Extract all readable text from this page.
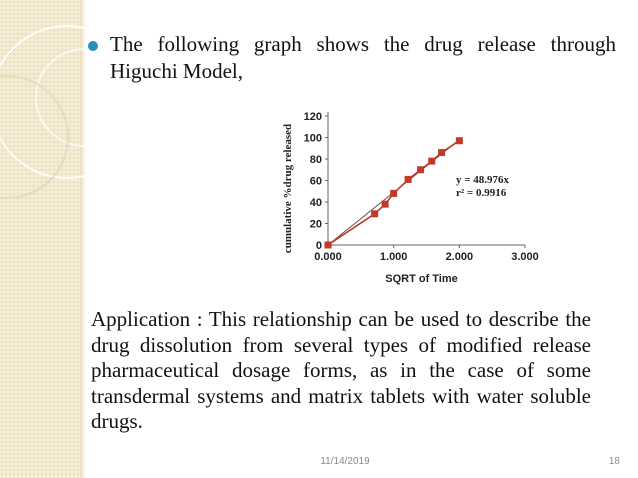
The following graph shows the drug release through Higuchi Model,
cumulative %drug released 0
20
40
60
80
100
120
0.000	1.000	2.000	3.000
y = 48.976x
r² = 0.9916
SQRT of Time
Application : This relationship can be used to describe the drug dissolution from several types of modified release pharmaceutical dosage forms, as in the case of some transdermal systems and matrix tablets with water soluble drugs.
11/14/2019	18
